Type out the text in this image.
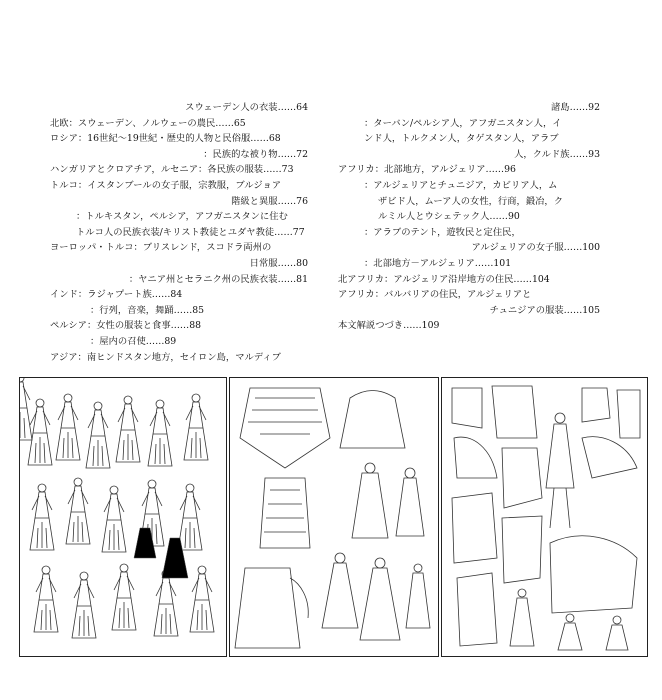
スウェーデン人の衣装……64
北欧：スウェーデン、ノルウェーの農民……65
ロシア：16世紀～19世紀・歴史的人物と民俗服……68
：民族的な被り物……72
ハンガリアとクロアチア，ルセニア：各民族の服装……73
トルコ：イスタンブールの女子服，宗教服，ブルジョア
階級と異服……76
：トルキスタン，ペルシア，アフガニスタンに住む
トルコ人の民族衣装/キリスト教徒とユダヤ教徒……77
ヨーロッパ・トルコ：ブリスレンド，スコドラ両州の
日常服……80
：ヤニア州とセラニク州の民族衣装……81
インド：ラジャプート族……84
：行列，音楽，舞踊……85
ペルシア：女性の服装と食事……88
：屋内の召使……89
アジア：南ヒンドスタン地方，セイロン島，マルディブ
諸島……92
：ターバン/ペルシア人，アフガニスタン人，イ
ンド人，トルクメン人，タゲスタン人，アラブ
人，クルド族……93
アフリカ：北部地方，アルジェリア……96
：アルジェリアとチュニジア，カビリア人，ム
ザビド人，ムーア人の女性，行商，鍛冶，ク
ルミル人とウシェテック人……90
：アラブのテント，遊牧民と定住民，
アルジェリアの女子服……100
：北部地方－アルジェリア……101
北アフリカ：アルジェリア沿岸地方の住民……104
アフリカ：バルバリアの住民，アルジェリアと
チュニジアの服装……105
本文解説つづき……109
